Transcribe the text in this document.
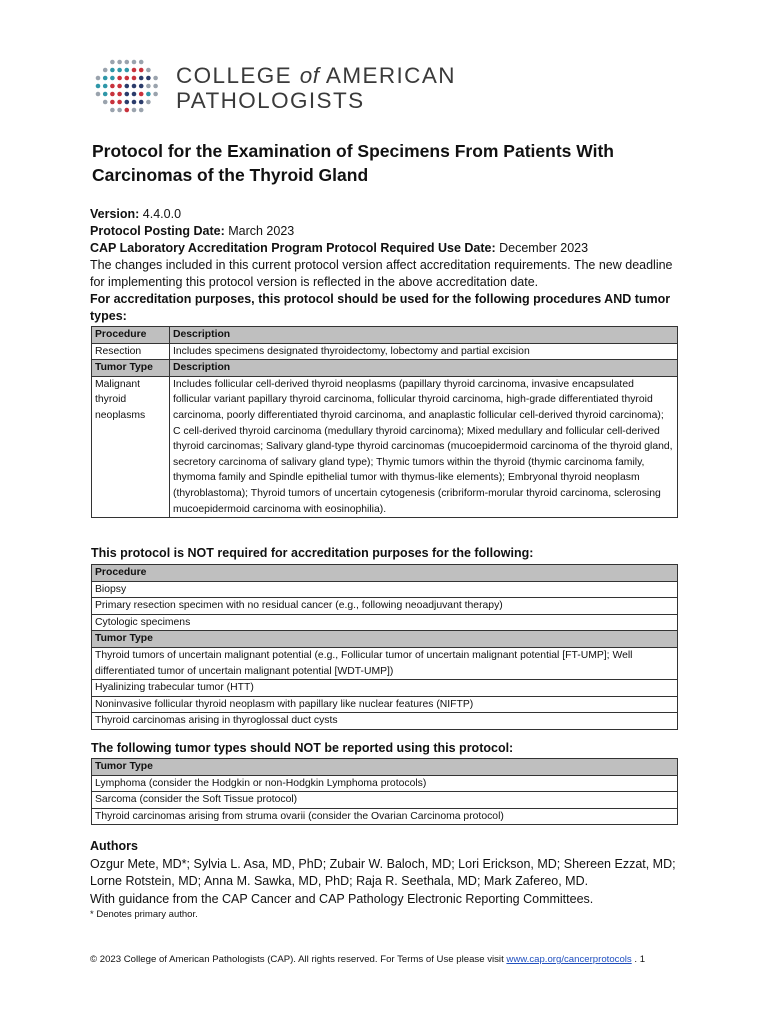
COLLEGE of AMERICAN
PATHOLOGISTS
Protocol for the Examination of Specimens From Patients With Carcinomas of the Thyroid Gland
Version: 4.4.0.0
Protocol Posting Date: March 2023
CAP Laboratory Accreditation Program Protocol Required Use Date: December 2023
The changes included in this current protocol version affect accreditation requirements. The new deadline for implementing this protocol version is reflected in the above accreditation date.
For accreditation purposes, this protocol should be used for the following procedures AND tumor types:
Procedure	Description
Resection	Includes specimens designated thyroidectomy, lobectomy and partial excision
Tumor Type	Description
Malignant thyroid neoplasms	Includes follicular cell-derived thyroid neoplasms (papillary thyroid carcinoma, invasive encapsulated follicular variant papillary thyroid carcinoma, follicular thyroid carcinoma, high-grade differentiated thyroid carcinoma, poorly differentiated thyroid carcinoma, and anaplastic follicular cell-derived thyroid carcinoma); C cell-derived thyroid carcinoma (medullary thyroid carcinoma); Mixed medullary and follicular cell-derived thyroid carcinomas; Salivary gland-type thyroid carcinomas (mucoepidermoid carcinoma of the thyroid gland, secretory carcinoma of salivary gland type); Thymic tumors within the thyroid (thymic carcinoma family, thymoma family and Spindle epithelial tumor with thymus-like elements); Embryonal thyroid neoplasm (thyroblastoma); Thyroid tumors of uncertain cytogenesis (cribriform-morular thyroid carcinoma, sclerosing mucoepidermoid carcinoma with eosinophilia).
This protocol is NOT required for accreditation purposes for the following:
Procedure
Biopsy
Primary resection specimen with no residual cancer (e.g., following neoadjuvant therapy)
Cytologic specimens
Tumor Type
Thyroid tumors of uncertain malignant potential (e.g., Follicular tumor of uncertain malignant potential [FT-UMP]; Well differentiated tumor of uncertain malignant potential [WDT-UMP])
Hyalinizing trabecular tumor (HTT)
Noninvasive follicular thyroid neoplasm with papillary like nuclear features (NIFTP)
Thyroid carcinomas arising in thyroglossal duct cysts
The following tumor types should NOT be reported using this protocol:
Tumor Type
Lymphoma (consider the Hodgkin or non-Hodgkin Lymphoma protocols)
Sarcoma (consider the Soft Tissue protocol)
Thyroid carcinomas arising from struma ovarii (consider the Ovarian Carcinoma protocol)
Authors
Ozgur Mete, MD*; Sylvia L. Asa, MD, PhD; Zubair W. Baloch, MD; Lori Erickson, MD; Shereen Ezzat, MD; Lorne Rotstein, MD; Anna M. Sawka, MD, PhD; Raja R. Seethala, MD; Mark Zafereo, MD.
With guidance from the CAP Cancer and CAP Pathology Electronic Reporting Committees.
* Denotes primary author.
© 2023 College of American Pathologists (CAP). All rights reserved. For Terms of Use please visit www.cap.org/cancerprotocols . 1
